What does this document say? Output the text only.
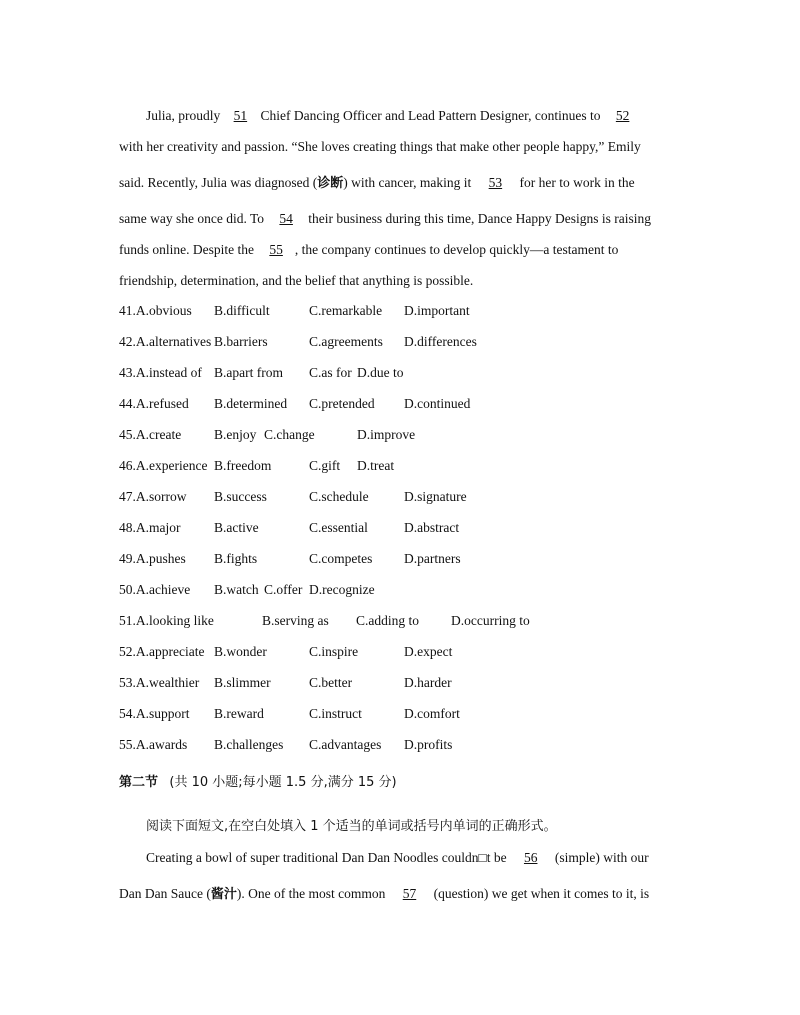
Julia, proudly 51 Chief Dancing Officer and Lead Pattern Designer, continues to 52
with her creativity and passion. “She loves creating things that make other people happy,” Emily
said. Recently, Julia was diagnosed (诊断) with cancer, making it 53 for her to work in the
same way she once did. To 54 their business during this time, Dance Happy Designs is raising
funds online. Despite the 55 , the company continues to develop quickly—a testament to
friendship, determination, and the belief that anything is possible.
41.A.obvious B.difficult	C.remarkable D.important
42.A.alternatives B.barriers	C.agreements D.differences
43.A.instead of B.apart from C.as for D.due to
44.A.refused B.determined C.pretended D.continued
45.A.create B.enjoy C.change	D.improve
46.A.experience B.freedom	C.gift D.treat
47.A.sorrow B.success	C.schedule	D.signature
48.A.major B.active	C.essential	D.abstract
49.A.pushes B.fights	C.competes D.partners
50.A.achieve B.watch C.offer D.recognize
51.A.looking like	B.serving as C.adding to D.occurring to
52.A.appreciate B.wonder	C.inspire	D.expect
53.A.wealthier B.slimmer	C.better	D.harder
54.A.support B.reward	C.instruct	D.comfort
55.A.awards B.challenges C.advantages D.profits
第二节 (共 10 小题;每小题 1.5 分,满分 15 分)
阅读下面短文,在空白处填入 1 个适当的单词或括号内单词的正确形式。
Creating a bowl of super traditional Dan Dan Noodles couldn□t be 56 (simple) with our
Dan Dan Sauce (酱汁). One of the most common 57 (question) we get when it comes to it, is
